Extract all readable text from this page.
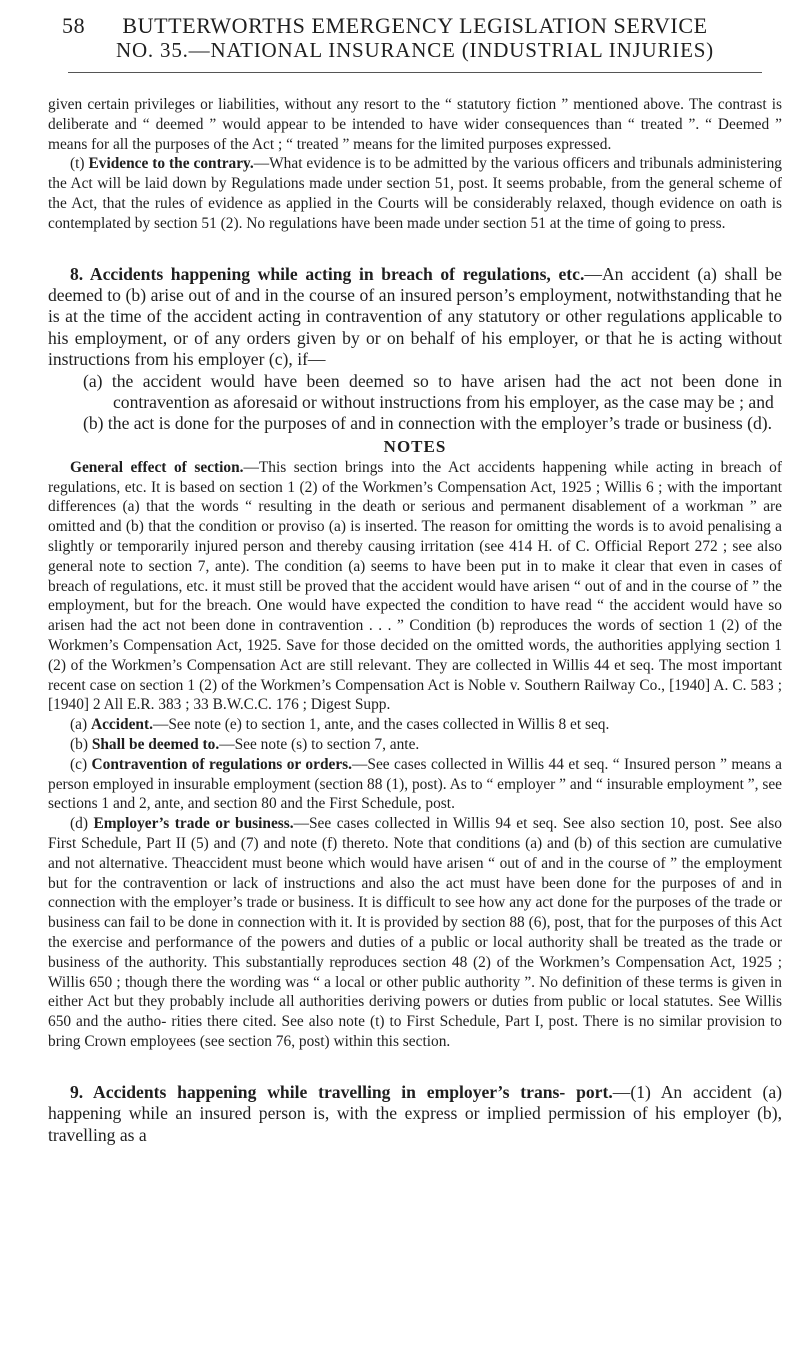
58 BUTTERWORTHS EMERGENCY LEGISLATION SERVICE
NO. 35.—NATIONAL INSURANCE (INDUSTRIAL INJURIES)

given certain privileges or liabilities, without any resort to the “ statutory fiction ” mentioned above. The contrast is deliberate and “ deemed ” would appear to be intended to have wider consequences than “ treated ”. “ Deemed ” means for all the purposes of the Act ; “ treated ” means for the limited purposes expressed.

(t) Evidence to the contrary.—What evidence is to be admitted by the various officers and tribunals administering the Act will be laid down by Regulations made under section 51, post. It seems probable, from the general scheme of the Act, that the rules of evidence as applied in the Courts will be considerably relaxed, though evidence on oath is contemplated by section 51 (2). No regulations have been made under section 51 at the time of going to press.

8. Accidents happening while acting in breach of regulations, etc.—An accident (a) shall be deemed to (b) arise out of and in the course of an insured person’s employment, notwithstanding that he is at the time of the accident acting in contravention of any statutory or other regulations applicable to his employment, or of any orders given by or on behalf of his employer, or that he is acting without instructions from his employer (c), if—

(a) the accident would have been deemed so to have arisen had the act not been done in contravention as aforesaid or without instructions from his employer, as the case may be ; and

(b) the act is done for the purposes of and in connection with the employer’s trade or business (d).

NOTES

General effect of section.—This section brings into the Act accidents happening while acting in breach of regulations, etc. It is based on section 1 (2) of the Workmen’s Compensation Act, 1925 ; Willis 6 ; with the important differences (a) that the words “ resulting in the death or serious and permanent disablement of a workman ” are omitted and (b) that the condition or proviso (a) is inserted. The reason for omitting the words is to avoid penalising a slightly or temporarily injured person and thereby causing irritation (see 414 H. of C. Official Report 272 ; see also general note to section 7, ante). The condition (a) seems to have been put in to make it clear that even in cases of breach of regulations, etc. it must still be proved that the accident would have arisen “ out of and in the course of ” the employment, but for the breach. One would have expected the condition to have read “ the accident would have so arisen had the act not been done in contravention . . . ” Condition (b) reproduces the words of section 1 (2) of the Workmen’s Compensation Act, 1925. Save for those decided on the omitted words, the authorities applying section 1 (2) of the Workmen’s Compensation Act are still relevant. They are collected in Willis 44 et seq. The most important recent case on section 1 (2) of the Workmen’s Compensation Act is Noble v. Southern Railway Co., [1940] A. C. 583 ; [1940] 2 All E.R. 383 ; 33 B.W.C.C. 176 ; Digest Supp.

(a) Accident.—See note (e) to section 1, ante, and the cases collected in Willis 8 et seq.

(b) Shall be deemed to.—See note (s) to section 7, ante.

(c) Contravention of regulations or orders.—See cases collected in Willis 44 et seq. “ Insured person ” means a person employed in insurable employment (section 88 (1), post). As to “ employer ” and “ insurable employment ”, see sections 1 and 2, ante, and section 80 and the First Schedule, post.

(d) Employer’s trade or business.—See cases collected in Willis 94 et seq. See also section 10, post. See also First Schedule, Part II (5) and (7) and note (f) thereto. Note that conditions (a) and (b) of this section are cumulative and not alternative. Theaccident must beone which would have arisen “ out of and in the course of ” the employment but for the contravention or lack of instructions and also the act must have been done for the purposes of and in connection with the employer’s trade or business. It is difficult to see how any act done for the purposes of the trade or business can fail to be done in connection with it. It is provided by section 88 (6), post, that for the purposes of this Act the exercise and performance of the powers and duties of a public or local authority shall be treated as the trade or business of the authority. This substantially reproduces section 48 (2) of the Workmen’s Compensation Act, 1925 ; Willis 650 ; though there the wording was “ a local or other public authority ”. No definition of these terms is given in either Act but they probably include all authorities deriving powers or duties from public or local statutes. See Willis 650 and the autho- rities there cited. See also note (t) to First Schedule, Part I, post. There is no similar provision to bring Crown employees (see section 76, post) within this section.

9. Accidents happening while travelling in employer’s trans- port.—(1) An accident (a) happening while an insured person is, with the express or implied permission of his employer (b), travelling as a
